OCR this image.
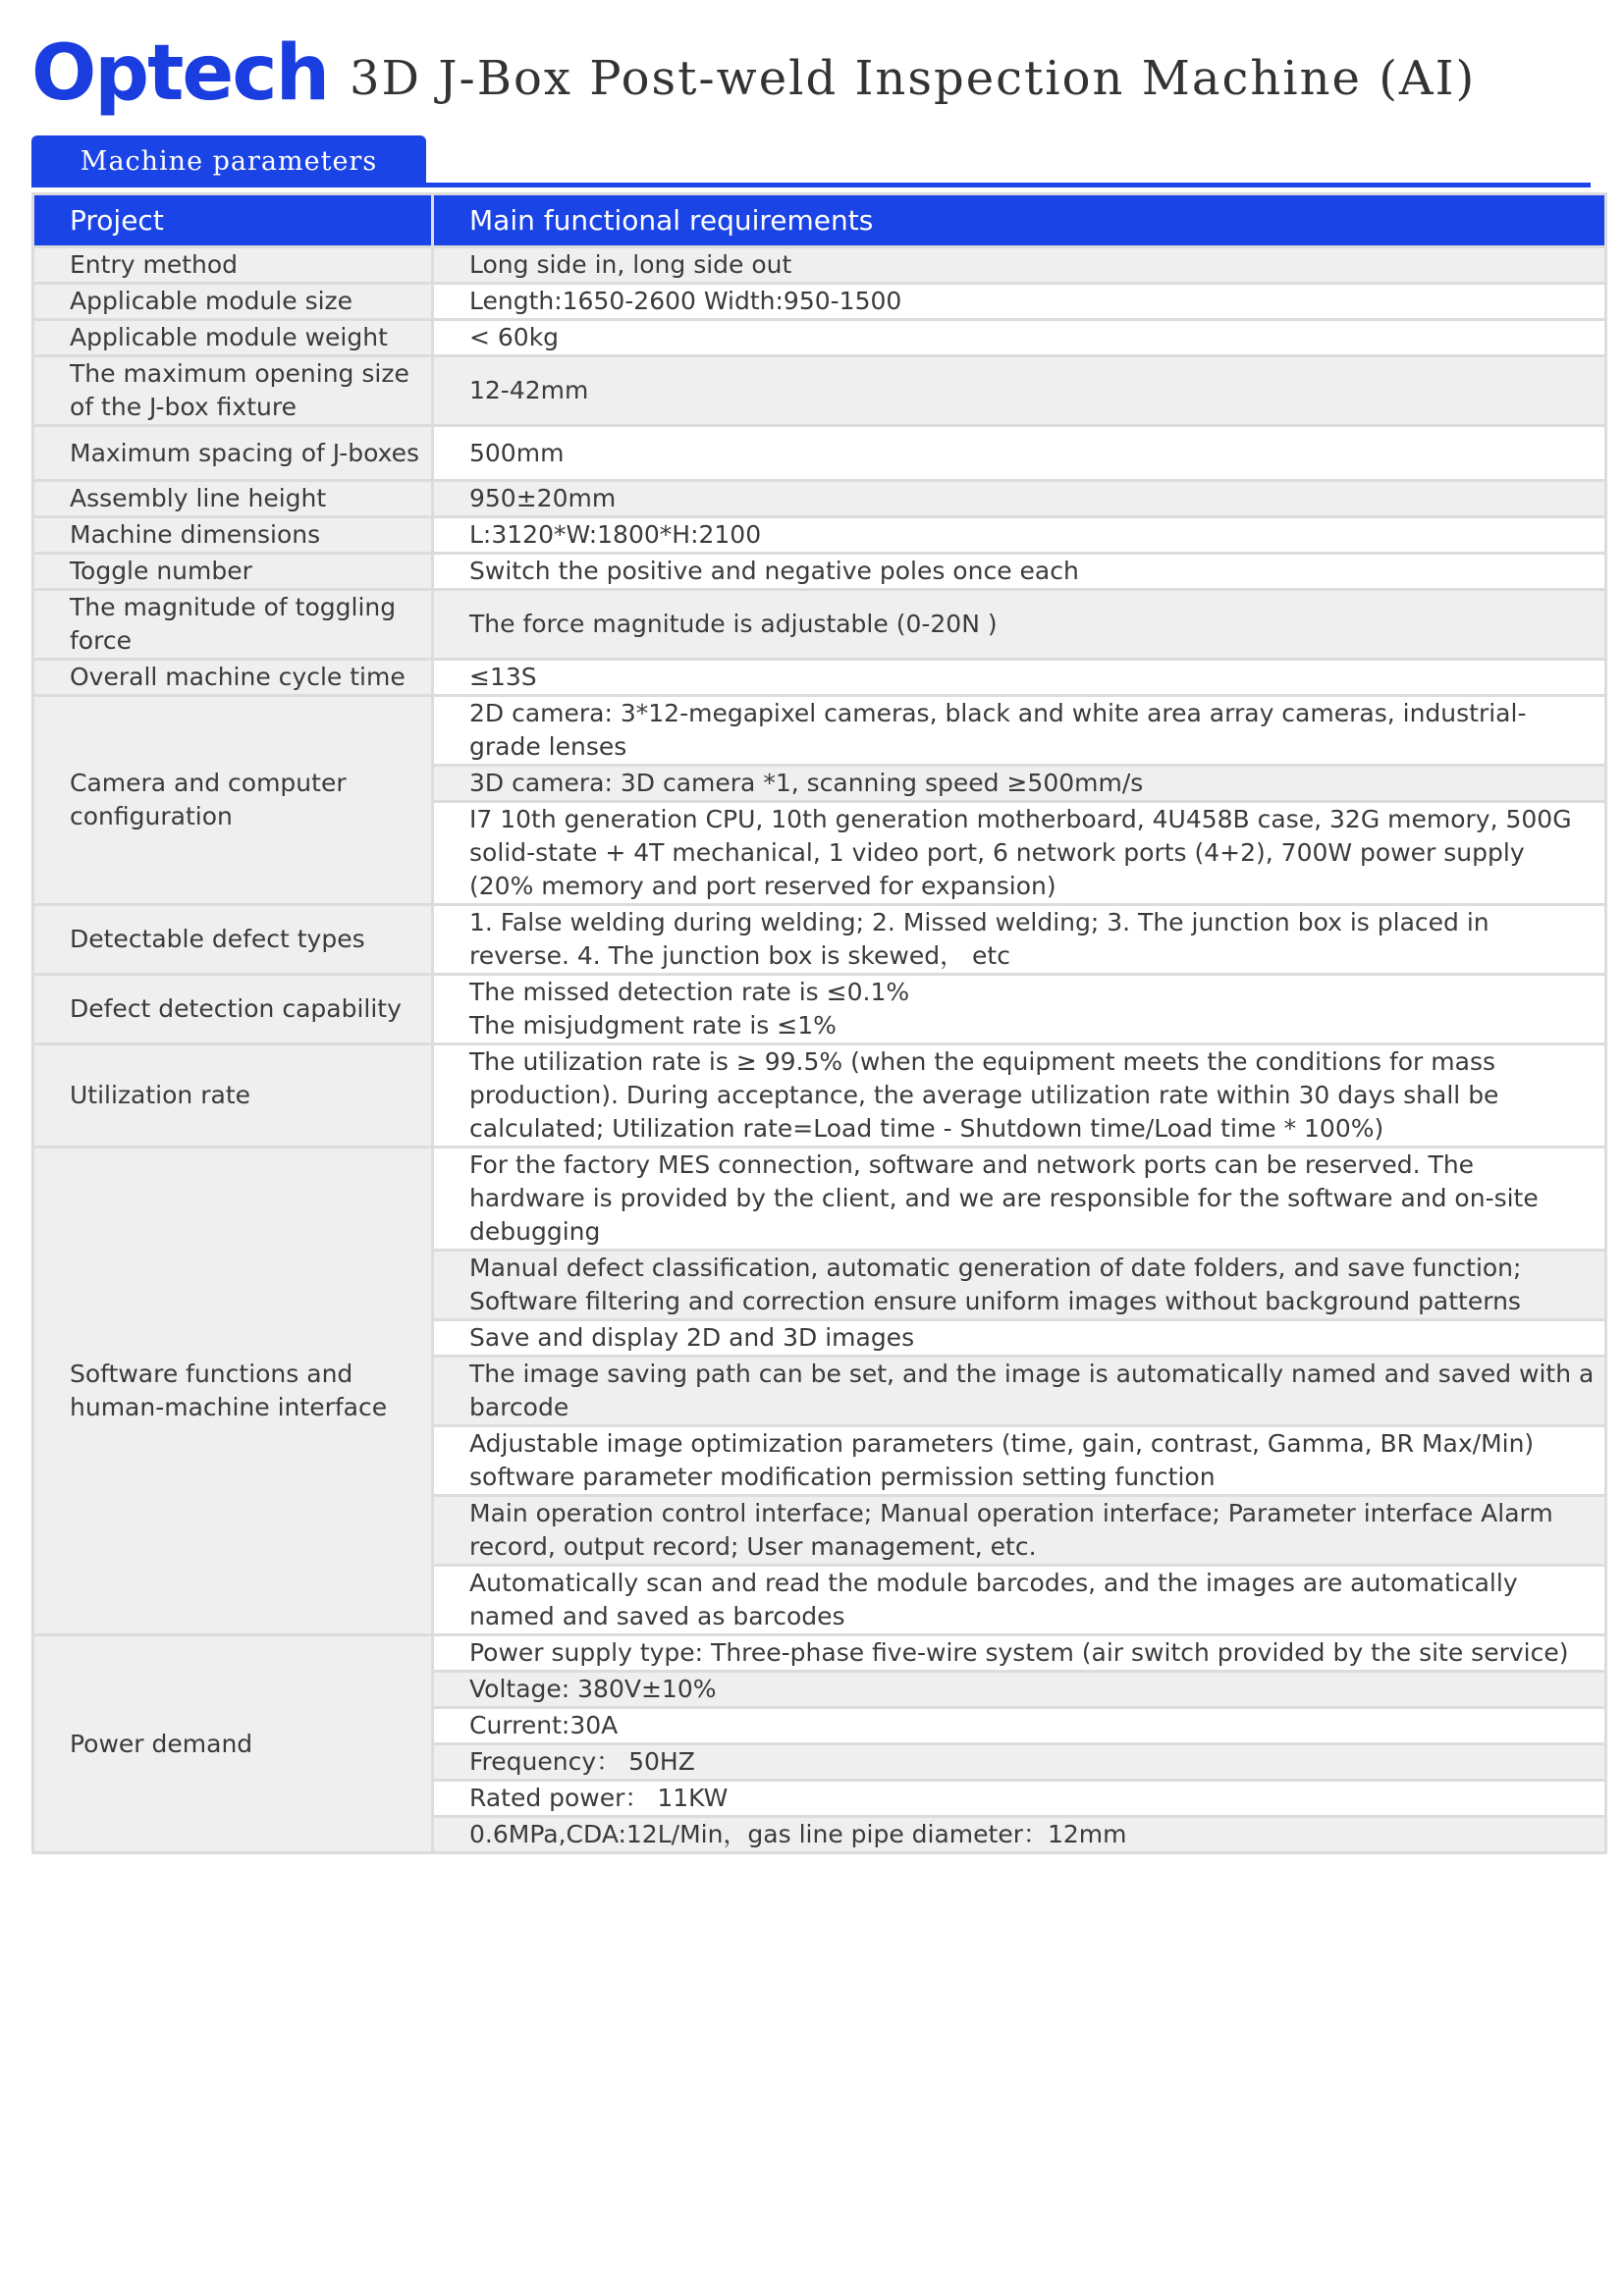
Optech 3D J-Box Post-weld Inspection Machine (AI)
Machine parameters
Project	Main functional requirements
Entry method	Long side in, long side out
Applicable module size	Length:1650-2600 Width:950-1500
Applicable module weight	< 60kg
The maximum opening size of the J-box fixture	12-42mm
Maximum spacing of J-boxes	500mm
Assembly line height	950±20mm
Machine dimensions	L:3120*W:1800*H:2100
Toggle number	Switch the positive and negative poles once each
The magnitude of toggling force	The force magnitude is adjustable (0-20N )
Overall machine cycle time	≤13S
Camera and computer configuration	2D camera: 3*12-megapixel cameras, black and white area array cameras, industrial-grade lenses
	3D camera: 3D camera *1, scanning speed ≥500mm/s
	I7 10th generation CPU, 10th generation motherboard, 4U458B case, 32G memory, 500G solid-state + 4T mechanical, 1 video port, 6 network ports (4+2), 700W power supply (20% memory and port reserved for expansion)
Detectable defect types	1. False welding during welding; 2. Missed welding; 3. The junction box is placed in reverse. 4. The junction box is skewed， etc
Defect detection capability	The missed detection rate is ≤0.1%
The misjudgment rate is ≤1%
Utilization rate	The utilization rate is ≥ 99.5% (when the equipment meets the conditions for mass production). During acceptance, the average utilization rate within 30 days shall be calculated; Utilization rate=Load time - Shutdown time/Load time * 100%)
Software functions and human-machine interface	For the factory MES connection, software and network ports can be reserved. The hardware is provided by the client, and we are responsible for the software and on-site debugging
	Manual defect classification, automatic generation of date folders, and save function; Software filtering and correction ensure uniform images without background patterns
	Save and display 2D and 3D images
	The image saving path can be set, and the image is automatically named and saved with a barcode
	Adjustable image optimization parameters (time, gain, contrast, Gamma, BR Max/Min) software parameter modification permission setting function
	Main operation control interface; Manual operation interface; Parameter interface Alarm record, output record; User management, etc.
	Automatically scan and read the module barcodes, and the images are automatically named and saved as barcodes
Power demand	Power supply type: Three-phase five-wire system (air switch provided by the site service)
	Voltage: 380V±10%
	Current:30A
	Frequency： 50HZ
	Rated power： 11KW
	0.6MPa,CDA:12L/Min，gas line pipe diameter：12mm
